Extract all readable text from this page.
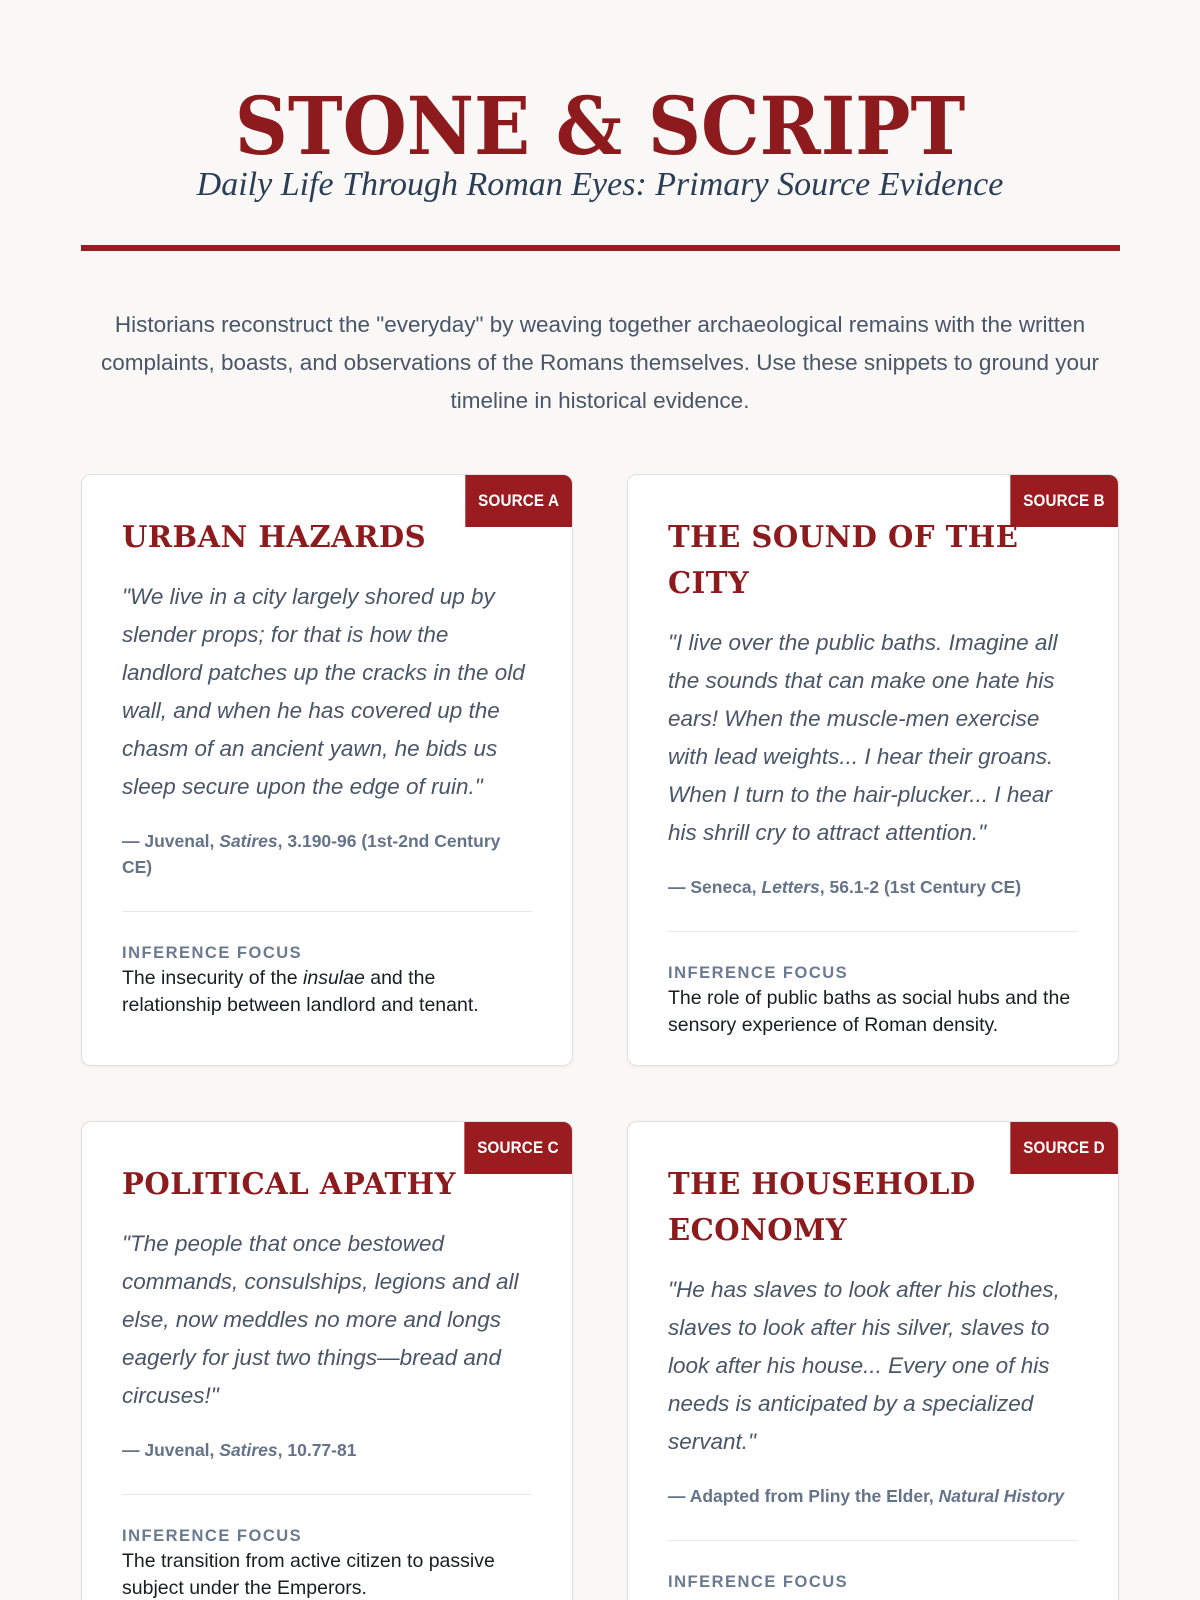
STONE & SCRIPT
Daily Life Through Roman Eyes: Primary Source Evidence

Historians reconstruct the "everyday" by weaving together archaeological remains with the written complaints, boasts, and observations of the Romans themselves. Use these snippets to ground your timeline in historical evidence.

SOURCE A
URBAN HAZARDS

"We live in a city largely shored up by slender props; for that is how the landlord patches up the cracks in the old wall, and when he has covered up the chasm of an ancient yawn, he bids us sleep secure upon the edge of ruin."

— Juvenal, Satires, 3.190-96 (1st-2nd Century CE)

INFERENCE FOCUS

The insecurity of the insulae and the relationship between landlord and tenant.

SOURCE B
THE SOUND OF THE CITY

"I live over the public baths. Imagine all the sounds that can make one hate his ears! When the muscle-men exercise with lead weights... I hear their groans. When I turn to the hair-plucker... I hear his shrill cry to attract attention."

— Seneca, Letters, 56.1-2 (1st Century CE)

INFERENCE FOCUS

The role of public baths as social hubs and the sensory experience of Roman density.

SOURCE C
POLITICAL APATHY

"The people that once bestowed commands, consulships, legions and all else, now meddles no more and longs eagerly for just two things—bread and circuses!"

— Juvenal, Satires, 10.77-81

INFERENCE FOCUS

The transition from active citizen to passive subject under the Emperors.

SOURCE D
THE HOUSEHOLD ECONOMY

"He has slaves to look after his clothes, slaves to look after his silver, slaves to look after his house... Every one of his needs is anticipated by a specialized servant."

— Adapted from Pliny the Elder, Natural History

INFERENCE FOCUS
